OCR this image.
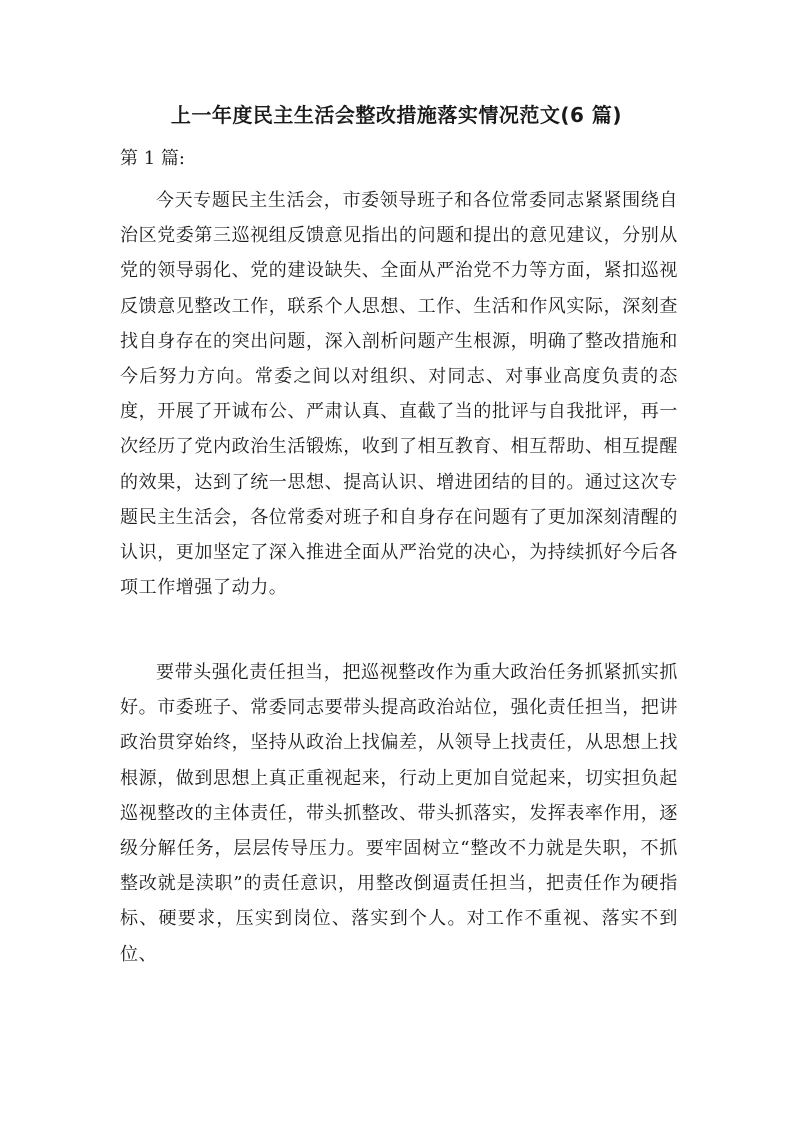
上一年度民主生活会整改措施落实情况范文(6 篇)

第 1 篇:

今天专题民主生活会，市委领导班子和各位常委同志紧紧围绕自治区党委第三巡视组反馈意见指出的问题和提出的意见建议，分别从党的领导弱化、党的建设缺失、全面从严治党不力等方面，紧扣巡视反馈意见整改工作，联系个人思想、工作、生活和作风实际，深刻查找自身存在的突出问题，深入剖析问题产生根源，明确了整改措施和今后努力方向。常委之间以对组织、对同志、对事业高度负责的态度，开展了开诚布公、严肃认真、直截了当的批评与自我批评，再一次经历了党内政治生活锻炼，收到了相互教育、相互帮助、相互提醒的效果，达到了统一思想、提高认识、增进团结的目的。通过这次专题民主生活会，各位常委对班子和自身存在问题有了更加深刻清醒的认识，更加坚定了深入推进全面从严治党的决心，为持续抓好今后各项工作增强了动力。

要带头强化责任担当，把巡视整改作为重大政治任务抓紧抓实抓好。市委班子、常委同志要带头提高政治站位，强化责任担当，把讲政治贯穿始终，坚持从政治上找偏差，从领导上找责任，从思想上找根源，做到思想上真正重视起来，行动上更加自觉起来，切实担负起巡视整改的主体责任，带头抓整改、带头抓落实，发挥表率作用，逐级分解任务，层层传导压力。要牢固树立“整改不力就是失职，不抓整改就是渎职”的责任意识，用整改倒逼责任担当，把责任作为硬指标、硬要求，压实到岗位、落实到个人。对工作不重视、落实不到位、
